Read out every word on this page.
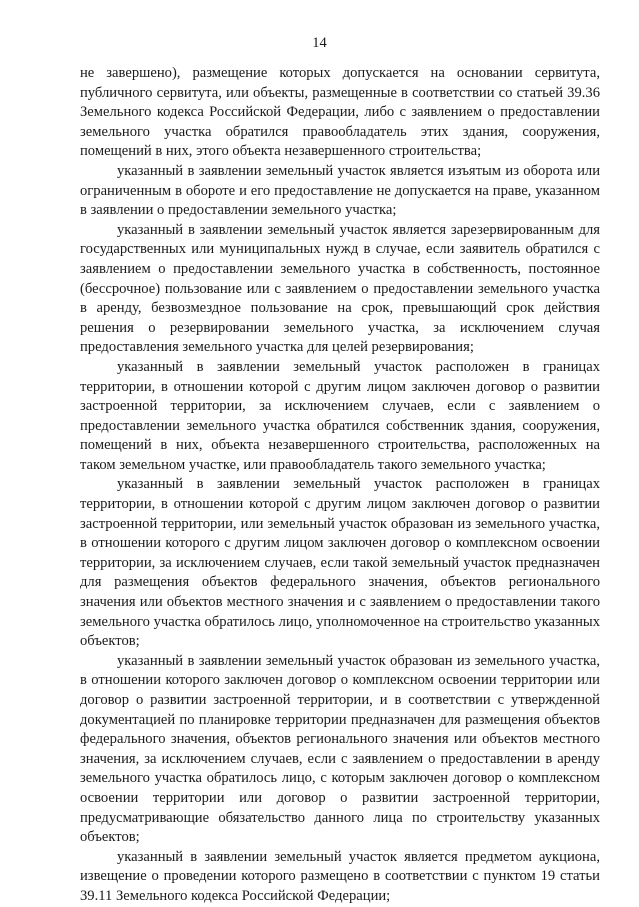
14

не завершено), размещение которых допускается на основании сервитута, публичного сервитута, или объекты, размещенные в соответствии со статьей 39.36 Земельного кодекса Российской Федерации, либо с заявлением о предоставлении земельного участка обратился правообладатель этих здания, сооружения, помещений в них, этого объекта незавершенного строительства;

указанный в заявлении земельный участок является изъятым из оборота или ограниченным в обороте и его предоставление не допускается на праве, указанном в заявлении о предоставлении земельного участка;

указанный в заявлении земельный участок является зарезервированным для государственных или муниципальных нужд в случае, если заявитель обратился с заявлением о предоставлении земельного участка в собственность, постоянное (бессрочное) пользование или с заявлением о предоставлении земельного участка в аренду, безвозмездное пользование на срок, превышающий срок действия решения о резервировании земельного участка, за исключением случая предоставления земельного участка для целей резервирования;

указанный в заявлении земельный участок расположен в границах территории, в отношении которой с другим лицом заключен договор о развитии застроенной территории, за исключением случаев, если с заявлением о предоставлении земельного участка обратился собственник здания, сооружения, помещений в них, объекта незавершенного строительства, расположенных на таком земельном участке, или правообладатель такого земельного участка;

указанный в заявлении земельный участок расположен в границах территории, в отношении которой с другим лицом заключен договор о развитии застроенной территории, или земельный участок образован из земельного участка, в отношении которого с другим лицом заключен договор о комплексном освоении территории, за исключением случаев, если такой земельный участок предназначен для размещения объектов федерального значения, объектов регионального значения или объектов местного значения и с заявлением о предоставлении такого земельного участка обратилось лицо, уполномоченное на строительство указанных объектов;

указанный в заявлении земельный участок образован из земельного участка, в отношении которого заключен договор о комплексном освоении территории или договор о развитии застроенной территории, и в соответствии с утвержденной документацией по планировке территории предназначен для размещения объектов федерального значения, объектов регионального значения или объектов местного значения, за исключением случаев, если с заявлением о предоставлении в аренду земельного участка обратилось лицо, с которым заключен договор о комплексном освоении территории или договор о развитии застроенной территории, предусматривающие обязательство данного лица по строительству указанных объектов;

указанный в заявлении земельный участок является предметом аукциона, извещение о проведении которого размещено в соответствии с пунктом 19 статьи 39.11 Земельного кодекса Российской Федерации;
